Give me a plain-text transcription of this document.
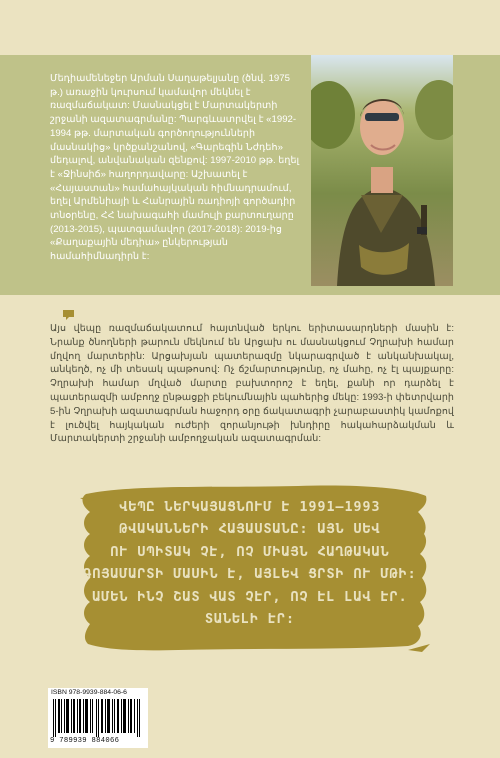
Մեդիամենեջեր Արման Սաղաթելյանը (ծնվ. 1975 թ.) առաջին կուրսում կամավոր մեկնել է ռազմաճակատ: Մասնակցել է Մարտակերտի շրջանի ազատագրմանը: Պարգևատրվել է «1992-1994 թթ. մարտական գործողությունների մասնակից» կրծքանշանով, «Գարեգին Նժդեհ» մեդալով, անվանական զենքով: 1997-2010 թթ. եղել է «Ջինսիճ» հաղորդավարը: Աշխատել է «Հայաստան» համահայկական հիմնադրամում, եղել Արմենիայի և Հանրային ռադիոյի գործադիր տնօրենը, ՀՀ նախագահի մամուլի քարտուղարը (2013-2015), պատգամավոր (2017-2018): 2019-ից «Քաղաքային մեդիա» ընկերության համահիմնադիրն է:

Այս վեպը ռազմաճակատում հայտնված երկու երիտասարդների մասին է: Նրանք ծնողների թարուն մեկնում են Արցախ ու մասնակցում Չղրախի համար մղվող մարտերին: Արցախյան պատերազմը նկարագրված է անկանխակալ, անկեղծ, ոչ մի տեսակ պաթոսով: Ոչ ճշմարտությունը, ոչ մահը, ոչ էլ պայքարը: Չղրախի համար մղված մարտը բախտորոշ է եղել, քանի որ դարձել է պատերազմի ամբողջ ընթացքի բեկումնային պահերից մեկը: 1993-ի փետրվարի 5-ին Չղրախի ազատագրման հաջորդ օրը ճակատագրի չարաբաստիկ կամոքով է լուծվել հայկական ուժերի զորանյութի խնդիրը հակահարձակման և Մարտակերտի շրջանի ամբողջական ազատագրման:

ՎԵՊԸ ՆԵՐԿԱՅԱՑՆՈՒՄ Է 1991–1993
ԹՎԱԿԱՆՆԵՐԻ ՀԱՅԱՍՏԱՆԸ: ԱՅՆ ՍԵՎ
ՈՒ ՍՊԻՏԱԿ ՉԷ, ՈՉ ՄԻԱՅՆ ՀԱՂԹԱԿԱՆ
ԳՈՅԱՄԱՐՏԻ ՄԱՍԻՆ Է, ԱՅԼԵՎ ՑՐՏԻ ՈՒ ՄԹԻ:
ԱՄԵՆ ԻՆՉ ՇԱՏ ՎԱՏ ՉԷՐ, ՈՉ ԷԼ ԼԱՎ ԷՐ.
ՏԱՆԵԼԻ ԷՐ:
ISBN 978-9939-884-06-6
9 789939 884066
